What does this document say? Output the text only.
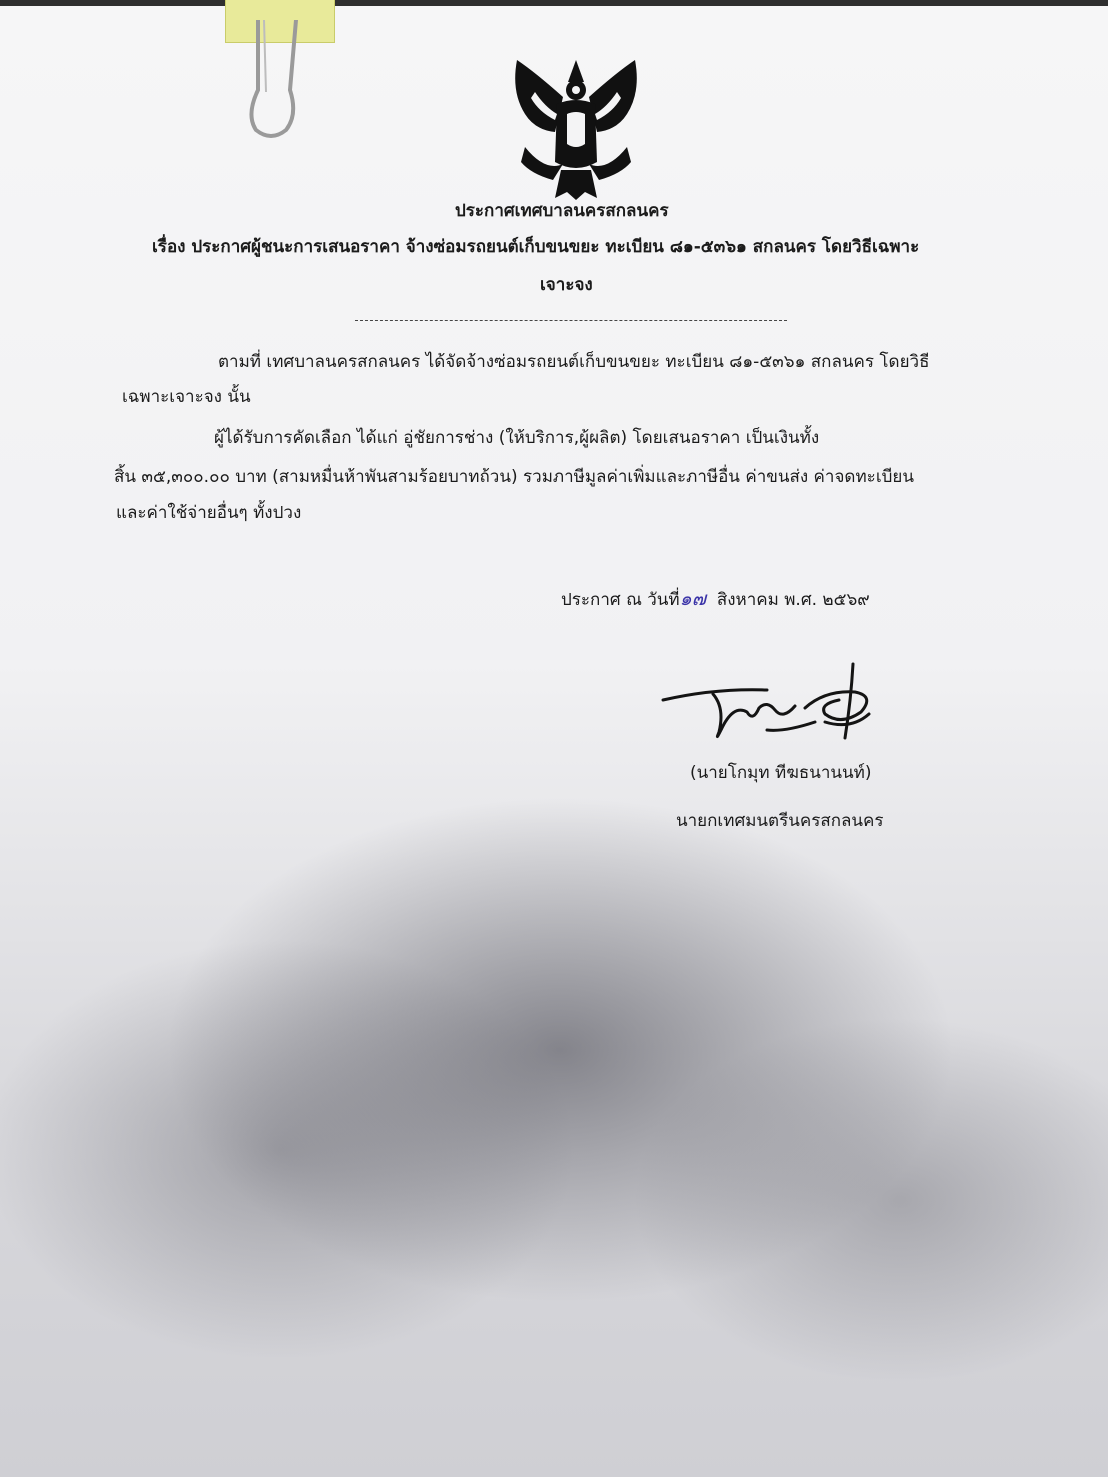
ประกาศเทศบาลนครสกลนคร
เรื่อง ประกาศผู้ชนะการเสนอราคา จ้างซ่อมรถยนต์เก็บขนขยะ ทะเบียน ๘๑-๕๓๖๑ สกลนคร โดยวิธีเฉพาะ
เจาะจง
ตามที่ เทศบาลนครสกลนคร ได้จัดจ้างซ่อมรถยนต์เก็บขนขยะ ทะเบียน ๘๑-๕๓๖๑ สกลนคร โดยวิธี
เฉพาะเจาะจง นั้น
ผู้ได้รับการคัดเลือก ได้แก่ อู่ชัยการช่าง (ให้บริการ,ผู้ผลิต) โดยเสนอราคา เป็นเงินทั้ง
สิ้น ๓๕,๓๐๐.๐๐ บาท (สามหมื่นห้าพันสามร้อยบาทถ้วน) รวมภาษีมูลค่าเพิ่มและภาษีอื่น ค่าขนส่ง ค่าจดทะเบียน
และค่าใช้จ่ายอื่นๆ ทั้งปวง
ประกาศ ณ วันที่๑๗ สิงหาคม พ.ศ. ๒๕๖๙
(นายโกมุท ทีฆธนานนท์)
นายกเทศมนตรีนครสกลนคร
